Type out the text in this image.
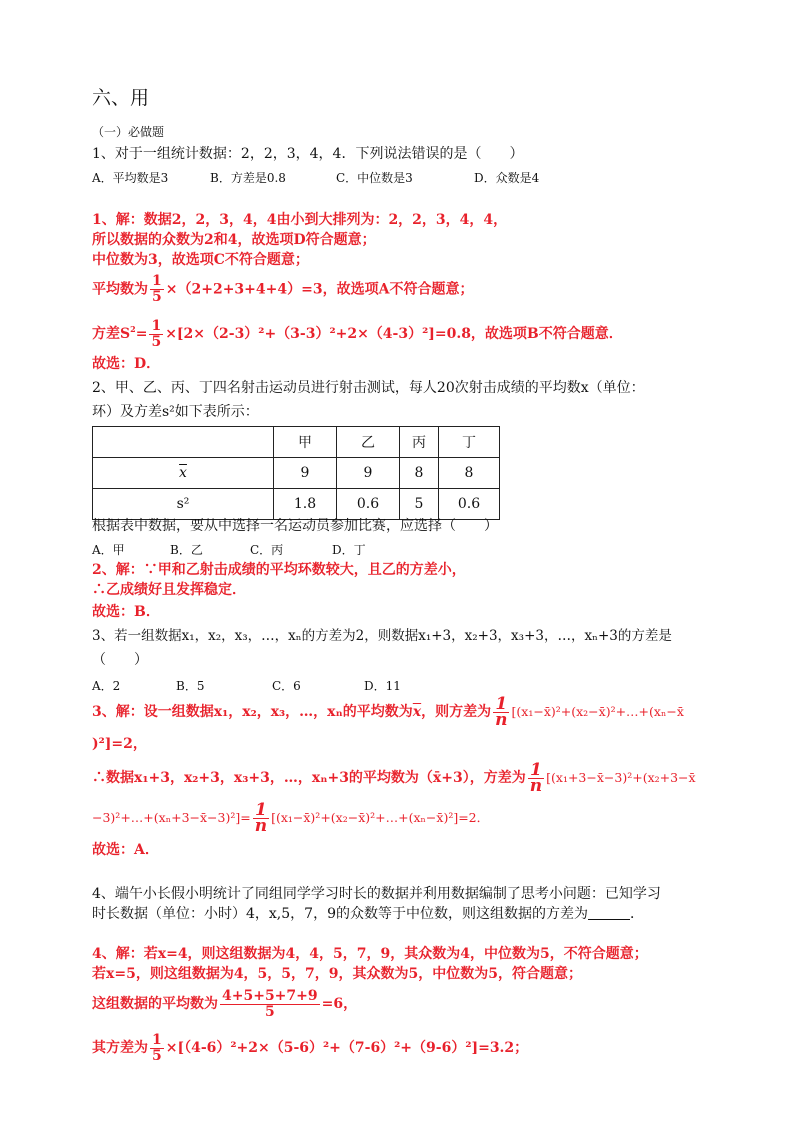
六、用
（一）必做题
1、对于一组统计数据：2，2，3，4，4．下列说法错误的是（　　）
A．平均数是3	B．方差是0.8	C．中位数是3	D．众数是4
1、解：数据2，2，3，4，4由小到大排列为：2，2，3，4，4，
所以数据的众数为2和4，故选项D符合题意；
中位数为3，故选项C不符合题意；
平均数为 $\frac{1}{5} \times(2+2+3+4+4)=3$，故选项A不符合题意；
方差$S^2= \frac{1}{5} \times[2\times(2-3)^2+(3-3)^2+2\times(4-3)^2]=0.8$，故选项B不符合题意．
故选：D．
2、甲、乙、丙、丁四名射击运动员进行射击测试，每人20次射击成绩的平均数x（单位：
环）及方差s²如下表所示：
	甲	乙	丙	丁
$\overline{x}$	9	9	8	8
s²	1.8	0.6	5	0.6
根据表中数据，要从中选择一名运动员参加比赛，应选择（　　）
A．甲	B．乙	C．丙	D．丁
2、解：∵甲和乙射击成绩的平均环数较大，且乙的方差小，
∴乙成绩好且发挥稳定．
故选：B．
3、若一组数据x₁，x₂，x₃，…，xₙ的方差为2，则数据x₁+3，x₂+3，x₃+3，…，xₙ+3的方差是
（　　）
A．2	B．5	C．6	D．11
3、解：设一组数据x₁，x₂，x₃，…，xₙ的平均数为$\overline{x}$，则方差为 $\frac{1}{n}$ [(x₁−x̄)²+(x₂−x̄)²+…+(xₙ−x̄
)²]=2，
∴数据x₁+3，x₂+3，x₃+3，…，xₙ+3的平均数为（x̄+3），方差为 $\frac{1}{n}$ [(x₁+3−x̄−3)²+(x₂+3−x̄
−3)²+…+(xₙ+3−x̄−3)²]= $\frac{1}{n}$ [(x₁−x̄)²+(x₂−x̄)²+…+(xₙ−x̄)²]=2．
故选：A．
4、端午小长假小明统计了同组同学学习时长的数据并利用数据编制了思考小问题：已知学习
时长数据（单位：小时）4，x,5，7，9的众数等于中位数，则这组数据的方差为	．
4、解：若x=4，则这组数据为4，4，5，7，9，其众数为4，中位数为5，不符合题意；
若x=5，则这组数据为4，5，5，7，9，其众数为5，中位数为5，符合题意；
这组数据的平均数为 $\frac{4+5+5+7+9}{5} =6$，
其方差为 $\frac{1}{5} \times[(4-6)^2+2\times(5-6)^2+(7-6)^2+(9-6)^2]=3.2$；
